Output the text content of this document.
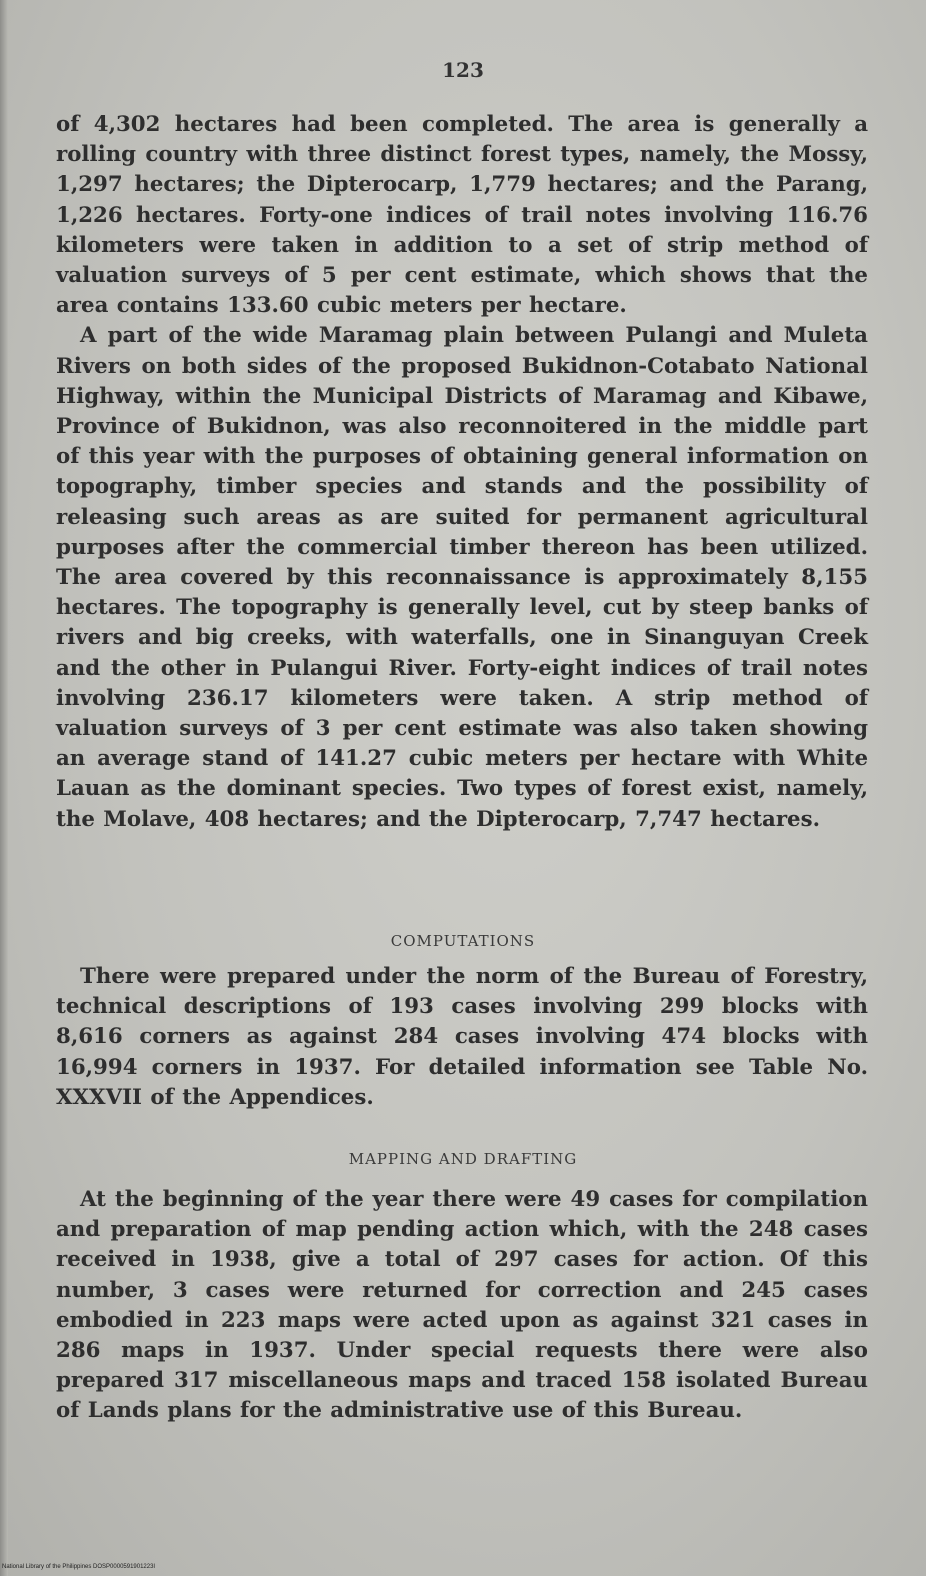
123

of 4,302 hectares had been completed. The area is generally a rolling country with three distinct forest types, namely, the Mossy, 1,297 hectares; the Dipterocarp, 1,779 hectares; and the Parang, 1,226 hectares. Forty-one indices of trail notes involving 116.76 kilometers were taken in addition to a set of strip method of valuation surveys of 5 per cent estimate, which shows that the area contains 133.60 cubic meters per hectare.

A part of the wide Maramag plain between Pulangi and Muleta Rivers on both sides of the proposed Bukidnon-Cotabato National Highway, within the Municipal Districts of Maramag and Kibawe, Province of Bukidnon, was also reconnoitered in the middle part of this year with the purposes of obtaining general information on topography, timber species and stands and the possibility of releasing such areas as are suited for permanent agricultural purposes after the commercial timber thereon has been utilized. The area covered by this reconnaissance is approximately 8,155 hectares. The topography is generally level, cut by steep banks of rivers and big creeks, with waterfalls, one in Sinanguyan Creek and the other in Pulangui River. Forty-eight indices of trail notes involving 236.17 kilometers were taken. A strip method of valuation surveys of 3 per cent estimate was also taken showing an average stand of 141.27 cubic meters per hectare with White Lauan as the dominant species. Two types of forest exist, namely, the Molave, 408 hectares; and the Dipterocarp, 7,747 hectares.

COMPUTATIONS

There were prepared under the norm of the Bureau of Forestry, technical descriptions of 193 cases involving 299 blocks with 8,616 corners as against 284 cases involving 474 blocks with 16,994 corners in 1937. For detailed information see Table No. XXXVII of the Appendices.

MAPPING AND DRAFTING

At the beginning of the year there were 49 cases for compilation and preparation of map pending action which, with the 248 cases received in 1938, give a total of 297 cases for action. Of this number, 3 cases were returned for correction and 245 cases embodied in 223 maps were acted upon as against 321 cases in 286 maps in 1937. Under special requests there were also prepared 317 miscellaneous maps and traced 158 isolated Bureau of Lands plans for the administrative use of this Bureau.

National Library of the Philippines DOSP0000591901223I
